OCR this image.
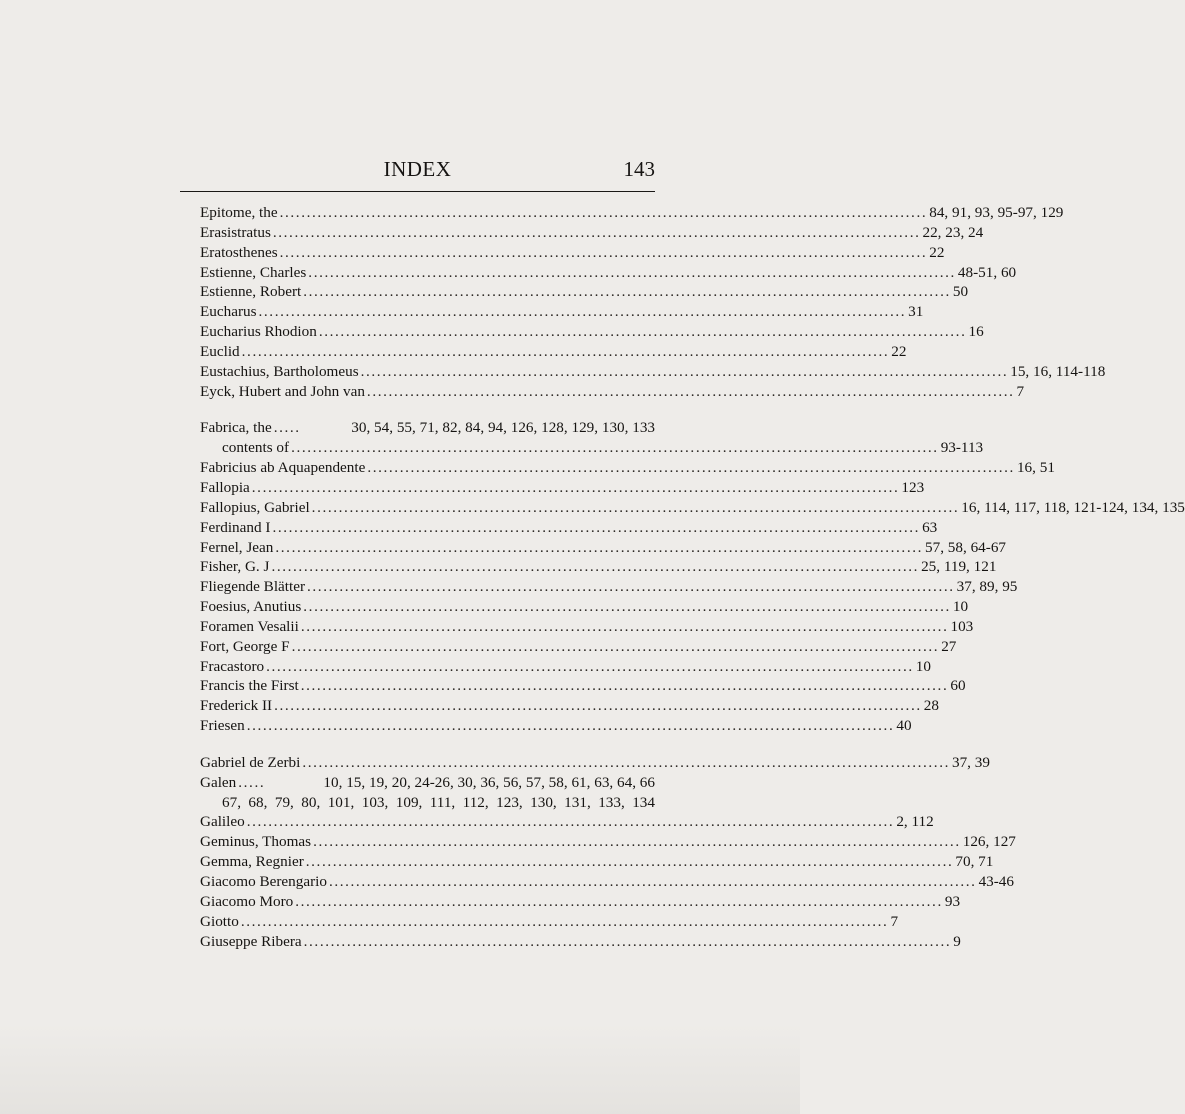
INDEX	143
Epitome, the ........................................................................................................................ 84, 91, 93, 95-97, 129
Erasistratus ........................................................................................................................ 22, 23, 24
Eratosthenes ........................................................................................................................ 22
Estienne, Charles ........................................................................................................................ 48-51, 60
Estienne, Robert ........................................................................................................................ 50
Eucharus ........................................................................................................................ 31
Eucharius Rhodion ........................................................................................................................ 16
Euclid ........................................................................................................................ 22
Eustachius, Bartholomeus ........................................................................................................................ 15, 16, 114-118
Eyck, Hubert and John van ........................................................................................................................ 7
Fabrica, the .....	30, 54, 55, 71, 82, 84, 94, 126, 128, 129, 130, 133
contents of ........................................................................................................................ 93-113
Fabricius ab Aquapendente ........................................................................................................................ 16, 51
Fallopia ........................................................................................................................ 123
Fallopius, Gabriel ........................................................................................................................ 16, 114, 117, 118, 121-124, 134, 135
Ferdinand I ........................................................................................................................ 63
Fernel, Jean ........................................................................................................................ 57, 58, 64-67
Fisher, G. J ........................................................................................................................ 25, 119, 121
Fliegende Blätter ........................................................................................................................ 37, 89, 95
Foesius, Anutius ........................................................................................................................ 10
Foramen Vesalii ........................................................................................................................ 103
Fort, George F ........................................................................................................................ 27
Fracastoro ........................................................................................................................ 10
Francis the First ........................................................................................................................ 60
Frederick II ........................................................................................................................ 28
Friesen ........................................................................................................................ 40
Gabriel de Zerbi ........................................................................................................................ 37, 39
Galen .....	10, 15, 19, 20, 24-26, 30, 36, 56, 57, 58, 61, 63, 64, 66
67, 68, 79, 80, 101, 103, 109, 111, 112, 123, 130, 131, 133, 134
Galileo ........................................................................................................................ 2, 112
Geminus, Thomas ........................................................................................................................ 126, 127
Gemma, Regnier ........................................................................................................................ 70, 71
Giacomo Berengario ........................................................................................................................ 43-46
Giacomo Moro ........................................................................................................................ 93
Giotto ........................................................................................................................ 7
Giuseppe Ribera ........................................................................................................................ 9
